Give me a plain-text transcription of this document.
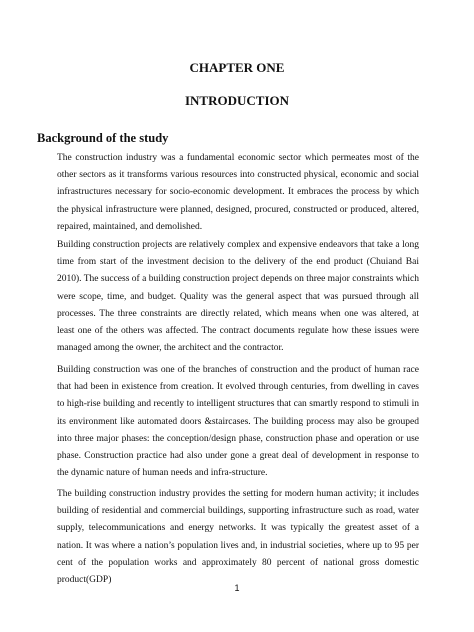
CHAPTER ONE
INTRODUCTION
Background of the study

The construction industry was a fundamental economic sector which permeates most of the other sectors as it transforms various resources into constructed physical, economic and social infrastructures necessary for socio-economic development. It embraces the process by which the physical infrastructure were planned, designed, procured, constructed or produced, altered, repaired, maintained, and demolished.

Building construction projects are relatively complex and expensive endeavors that take a long time from start of the investment decision to the delivery of the end product (Chuiand Bai 2010). The success of a building construction project depends on three major constraints which were scope, time, and budget. Quality was the general aspect that was pursued through all processes. The three constraints are directly related, which means when one was altered, at least one of the others was affected. The contract documents regulate how these issues were managed among the owner, the architect and the contractor.

Building construction was one of the branches of construction and the product of human race that had been in existence from creation. It evolved through centuries, from dwelling in caves to high-rise building and recently to intelligent structures that can smartly respond to stimuli in its environment like automated doors &staircases. The building process may also be grouped into three major phases: the conception/design phase, construction phase and operation or use phase. Construction practice had also under gone a great deal of development in response to the dynamic nature of human needs and infra-structure.

The building construction industry provides the setting for modern human activity; it includes building of residential and commercial buildings, supporting infrastructure such as road, water supply, telecommunications and energy networks. It was typically the greatest asset of a nation. It was where a nation’s population lives and, in industrial societies, where up to 95 per cent of the population works and approximately 80 percent of national gross domestic product(GDP)

1
